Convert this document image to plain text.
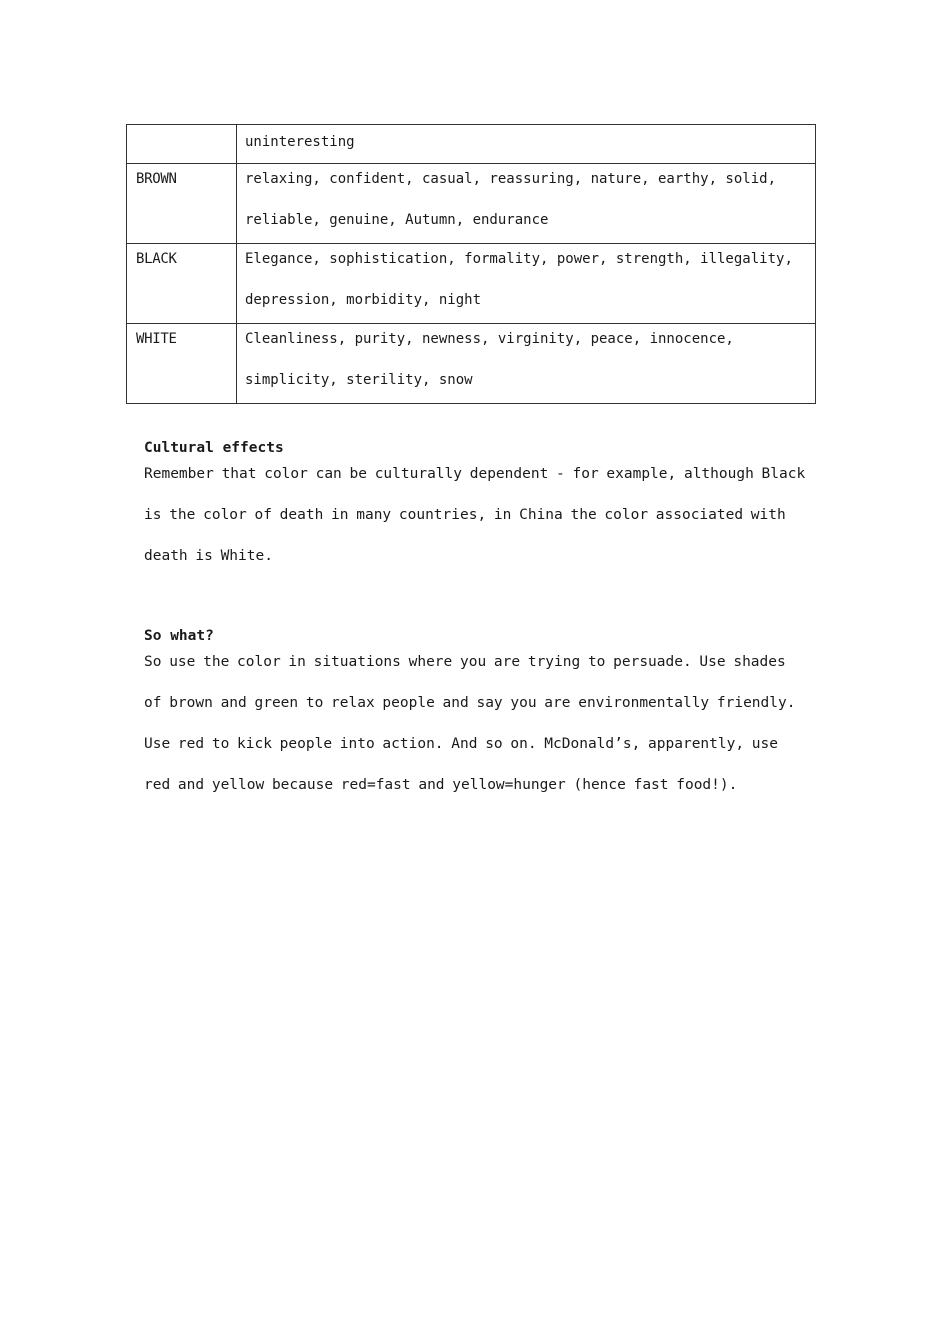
	uninteresting

BROWN	relaxing, confident, casual, reassuring, nature, earthy, solid, reliable, genuine, Autumn, endurance

BLACK	Elegance, sophistication, formality, power, strength, illegality, depression, morbidity, night

WHITE	Cleanliness, purity, newness, virginity, peace, innocence, simplicity, sterility, snow

Cultural effects

Remember that color can be culturally dependent - for example, although Black is the color of death in many countries, in China the color associated with death is White.

So what?

So use the color in situations where you are trying to persuade. Use shades of brown and green to relax people and say you are environmentally friendly. Use red to kick people into action. And so on. McDonald’s, apparently, use red and yellow because red=fast and yellow=hunger (hence fast food!).
